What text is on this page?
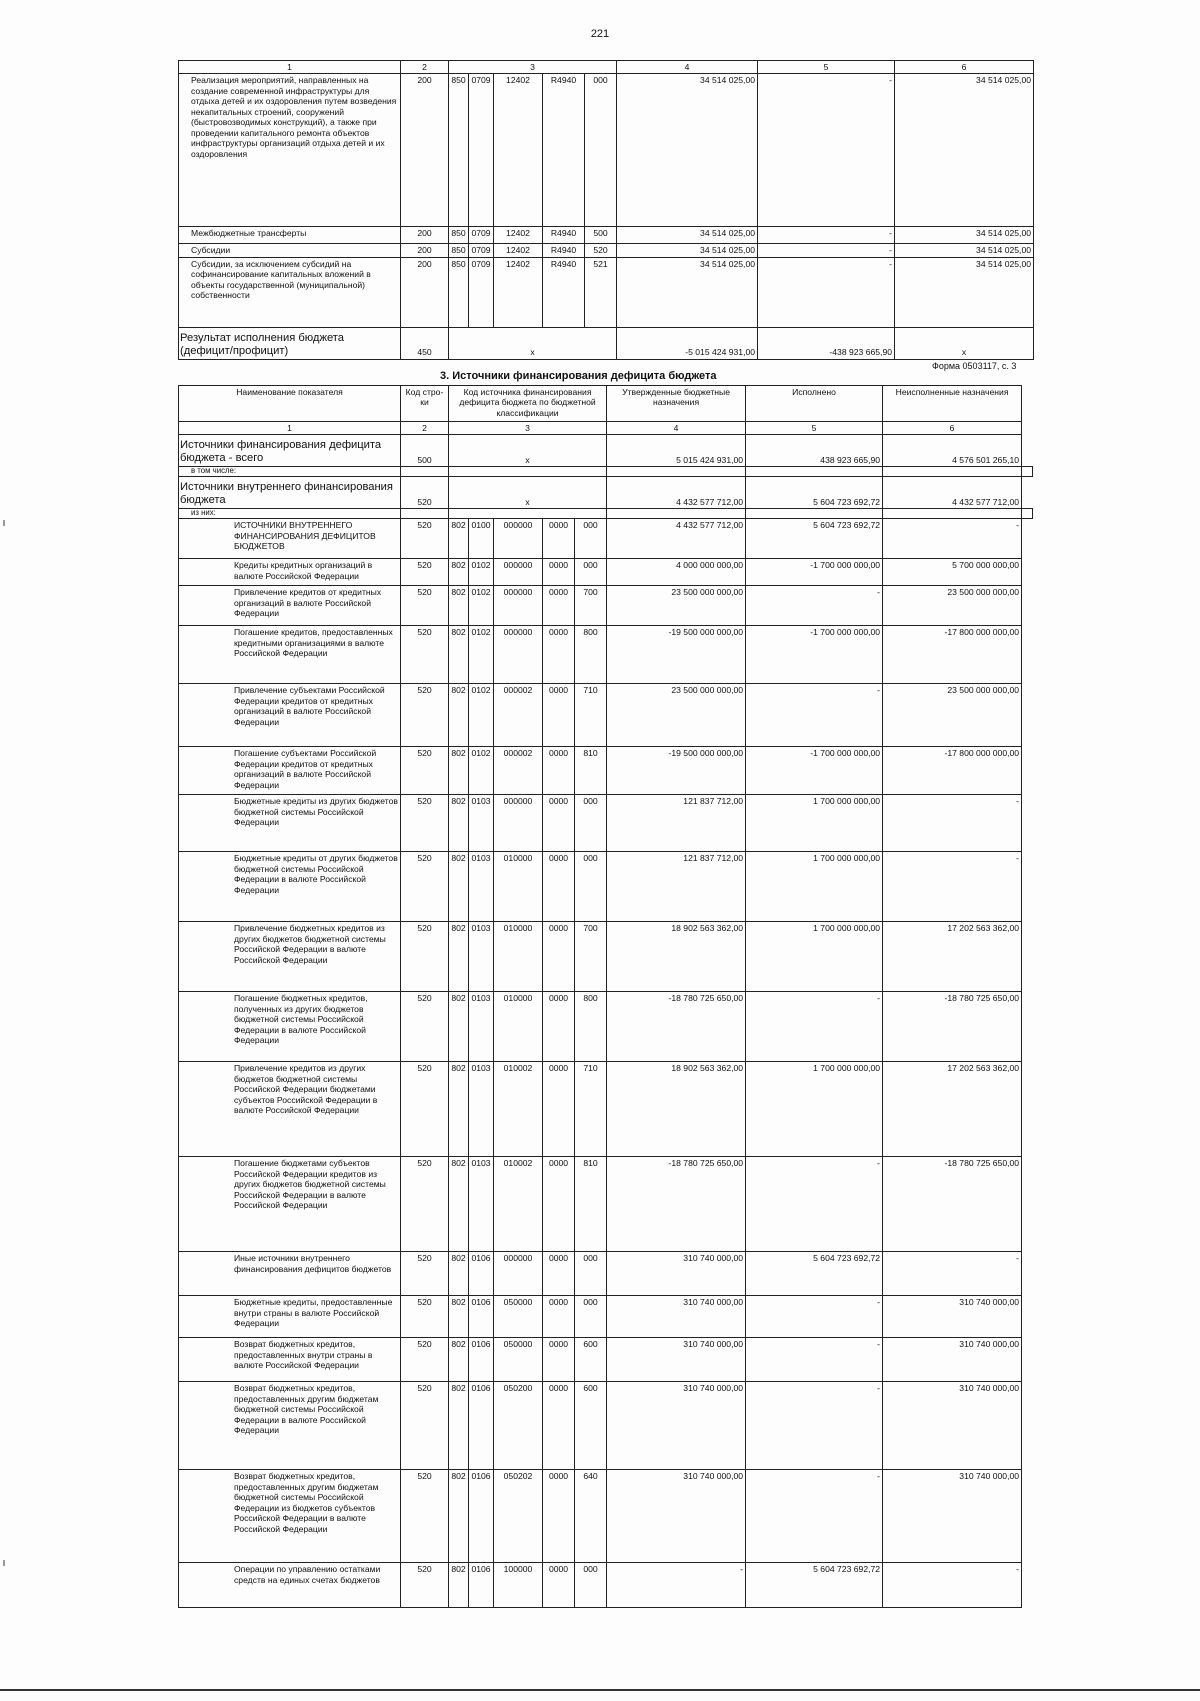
221
1	2	3					4	5	6
Реализация мероприятий, направленных на создание современной инфраструктуры для отдыха детей и их оздоровления путем возведения некапитальных строений, сооружений (быстровозводимых конструкций), а также при проведении капитального ремонта объектов инфраструктуры организаций отдыха детей и их оздоровления	200	850	0709	12402	R4940	000	34 514 025,00	-	34 514 025,00
Межбюджетные трансферты	200	850	0709	12402	R4940	500	34 514 025,00	-	34 514 025,00
Субсидии	200	850	0709	12402	R4940	520	34 514 025,00	-	34 514 025,00
Субсидии, за исключением субсидий на софинансирование капитальных вложений в объекты государственной (муниципальной) собственности	200	850	0709	12402	R4940	521	34 514 025,00	-	34 514 025,00
Результат исполнения бюджета (дефицит/профицит)	450	x					-5 015 424 931,00	-438 923 665,90	x
Форма 0503117, с. 3
3. Источники финансирования дефицита бюджета
Наименование показателя	Код стро-ки	Код источника финансирования дефицита бюджета по бюджетной классификации					Утвержденные бюджетные назначения	Исполнено	Неисполненные назначения	
1	2	3					4	5	6	
Источники финансирования дефицита бюджета - всего	500	x					5 015 424 931,00	438 923 665,90	4 576 501 265,10	
в том числе:										
Источники внутреннего финансирования бюджета	520	x					4 432 577 712,00	5 604 723 692,72	4 432 577 712,00	
из них:										
ИСТОЧНИКИ ВНУТРЕННЕГО ФИНАНСИРОВАНИЯ ДЕФИЦИТОВ БЮДЖЕТОВ	520	802	0100	000000	0000	000	4 432 577 712,00	5 604 723 692,72	-	
Кредиты кредитных организаций в валюте Российской Федерации	520	802	0102	000000	0000	000	4 000 000 000,00	-1 700 000 000,00	5 700 000 000,00	
Привлечение кредитов от кредитных организаций в валюте Российской Федерации	520	802	0102	000000	0000	700	23 500 000 000,00	-	23 500 000 000,00	
Погашение кредитов, предоставленных кредитными организациями в валюте Российской Федерации	520	802	0102	000000	0000	800	-19 500 000 000,00	-1 700 000 000,00	-17 800 000 000,00	
Привлечение субъектами Российской Федерации кредитов от кредитных организаций в валюте Российской Федерации	520	802	0102	000002	0000	710	23 500 000 000,00	-	23 500 000 000,00	
Погашение субъектами Российской Федерации кредитов от кредитных организаций в валюте Российской Федерации	520	802	0102	000002	0000	810	-19 500 000 000,00	-1 700 000 000,00	-17 800 000 000,00	
Бюджетные кредиты из других бюджетов бюджетной системы Российской Федерации	520	802	0103	000000	0000	000	121 837 712,00	1 700 000 000,00	-	
Бюджетные кредиты от других бюджетов бюджетной системы Российской Федерации в валюте Российской Федерации	520	802	0103	010000	0000	000	121 837 712,00	1 700 000 000,00	-	
Привлечение бюджетных кредитов из других бюджетов бюджетной системы Российской Федерации в валюте Российской Федерации	520	802	0103	010000	0000	700	18 902 563 362,00	1 700 000 000,00	17 202 563 362,00	
Погашение бюджетных кредитов, полученных из других бюджетов бюджетной системы Российской Федерации в валюте Российской Федерации	520	802	0103	010000	0000	800	-18 780 725 650,00	-	-18 780 725 650,00	
Привлечение кредитов из других бюджетов бюджетной системы Российской Федерации бюджетами субъектов Российской Федерации в валюте Российской Федерации	520	802	0103	010002	0000	710	18 902 563 362,00	1 700 000 000,00	17 202 563 362,00	
Погашение бюджетами субъектов Российской Федерации кредитов из других бюджетов бюджетной системы Российской Федерации в валюте Российской Федерации	520	802	0103	010002	0000	810	-18 780 725 650,00	-	-18 780 725 650,00	
Иные источники внутреннего финансирования дефицитов бюджетов	520	802	0106	000000	0000	000	310 740 000,00	5 604 723 692,72	-	
Бюджетные кредиты, предоставленные внутри страны в валюте Российской Федерации	520	802	0106	050000	0000	000	310 740 000,00	-	310 740 000,00	
Возврат бюджетных кредитов, предоставленных внутри страны в валюте Российской Федерации	520	802	0106	050000	0000	600	310 740 000,00	-	310 740 000,00	
Возврат бюджетных кредитов, предоставленных другим бюджетам бюджетной системы Российской Федерации в валюте Российской Федерации	520	802	0106	050200	0000	600	310 740 000,00	-	310 740 000,00	
Возврат бюджетных кредитов, предоставленных другим бюджетам бюджетной системы Российской Федерации из бюджетов субъектов Российской Федерации в валюте Российской Федерации	520	802	0106	050202	0000	640	310 740 000,00	-	310 740 000,00	
Операции по управлению остатками средств на единых счетах бюджетов	520	802	0106	100000	0000	000	-	5 604 723 692,72	-	
